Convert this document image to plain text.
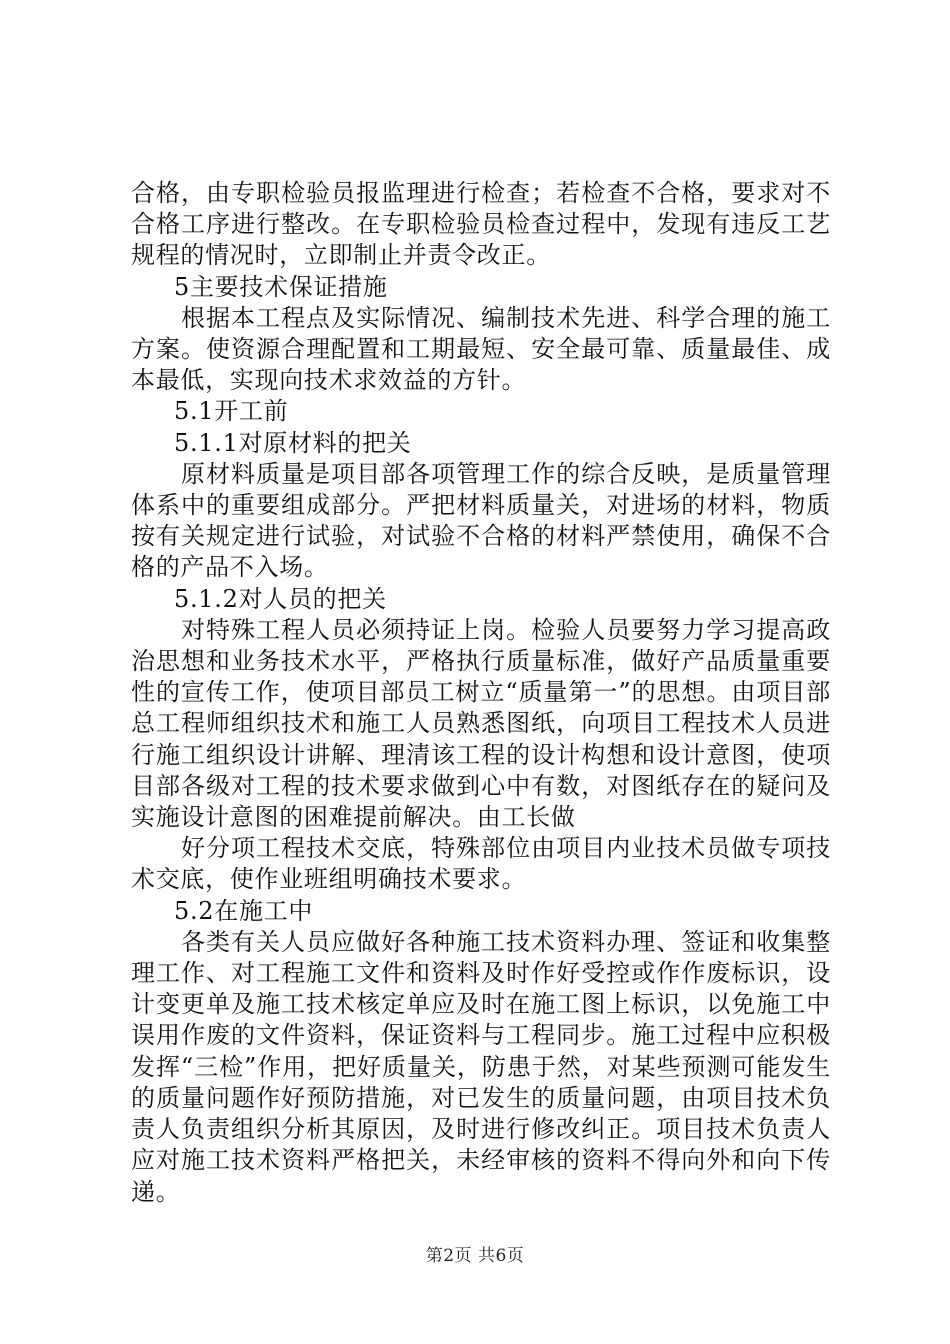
合格，由专职检验员报监理进行检查；若检查不合格，要求对不合格工序进行整改。在专职检验员检查过程中，发现有违反工艺规程的情况时，立即制止并责令改正。

5主要技术保证措施

根据本工程点及实际情况、编制技术先进、科学合理的施工方案。使资源合理配置和工期最短、安全最可靠、质量最佳、成本最低，实现向技术求效益的方针。

5.1开工前

5.1.1对原材料的把关

原材料质量是项目部各项管理工作的综合反映，是质量管理体系中的重要组成部分。严把材料质量关，对进场的材料，物质按有关规定进行试验，对试验不合格的材料严禁使用，确保不合格的产品不入场。

5.1.2对人员的把关

对特殊工程人员必须持证上岗。检验人员要努力学习提高政治思想和业务技术水平，严格执行质量标准，做好产品质量重要性的宣传工作，使项目部员工树立“质量第一”的思想。由项目部总工程师组织技术和施工人员熟悉图纸，向项目工程技术人员进行施工组织设计讲解、理清该工程的设计构想和设计意图，使项目部各级对工程的技术要求做到心中有数，对图纸存在的疑问及实施设计意图的困难提前解决。由工长做

好分项工程技术交底，特殊部位由项目内业技术员做专项技术交底，使作业班组明确技术要求。

5.2在施工中

各类有关人员应做好各种施工技术资料办理、签证和收集整理工作、对工程施工文件和资料及时作好受控或作作废标识，设计变更单及施工技术核定单应及时在施工图上标识，以免施工中误用作废的文件资料，保证资料与工程同步。施工过程中应积极发挥“三检”作用，把好质量关，防患于然，对某些预测可能发生的质量问题作好预防措施，对已发生的质量问题，由项目技术负责人负责组织分析其原因，及时进行修改纠正。项目技术负责人应对施工技术资料严格把关，未经审核的资料不得向外和向下传递。

第2页 共6页
